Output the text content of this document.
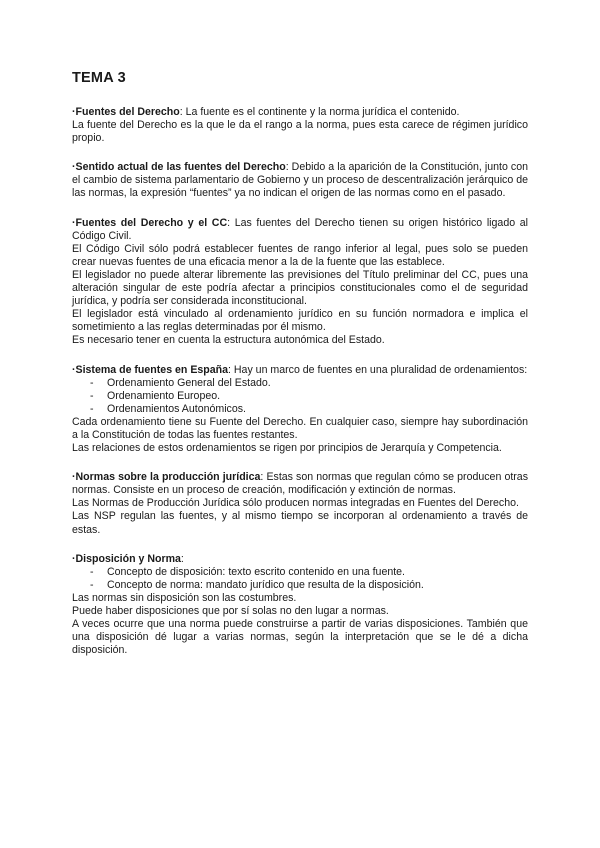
TEMA 3

·Fuentes del Derecho: La fuente es el continente y la norma jurídica el contenido.

La fuente del Derecho es la que le da el rango a la norma, pues esta carece de régimen jurídico propio.

·Sentido actual de las fuentes del Derecho: Debido a la aparición de la Constitución, junto con el cambio de sistema parlamentario de Gobierno y un proceso de descentralización jerárquico de las normas, la expresión “fuentes” ya no indican el origen de las normas como en el pasado.

·Fuentes del Derecho y el CC: Las fuentes del Derecho tienen su origen histórico ligado al Código Civil.

El Código Civil sólo podrá establecer fuentes de rango inferior al legal, pues solo se pueden crear nuevas fuentes de una eficacia menor a la de la fuente que las establece.

El legislador no puede alterar libremente las previsiones del Título preliminar del CC, pues una alteración singular de este podría afectar a principios constitucionales como el de seguridad jurídica, y podría ser considerada inconstitucional.

El legislador está vinculado al ordenamiento jurídico en su función normadora e implica el sometimiento a las reglas determinadas por él mismo.

Es necesario tener en cuenta la estructura autonómica del Estado.

·Sistema de fuentes en España: Hay un marco de fuentes en una pluralidad de ordenamientos:

- Ordenamiento General del Estado.
- Ordenamiento Europeo.
- Ordenamientos Autonómicos.

Cada ordenamiento tiene su Fuente del Derecho. En cualquier caso, siempre hay subordinación a la Constitución de todas las fuentes restantes.

Las relaciones de estos ordenamientos se rigen por principios de Jerarquía y Competencia.

·Normas sobre la producción jurídica: Estas son normas que regulan cómo se producen otras normas. Consiste en un proceso de creación, modificación y extinción de normas.

Las Normas de Producción Jurídica sólo producen normas integradas en Fuentes del Derecho.

Las NSP regulan las fuentes, y al mismo tiempo se incorporan al ordenamiento a través de estas.

·Disposición y Norma:

- Concepto de disposición: texto escrito contenido en una fuente.
- Concepto de norma: mandato jurídico que resulta de la disposición.

Las normas sin disposición son las costumbres.

Puede haber disposiciones que por sí solas no den lugar a normas.

A veces ocurre que una norma puede construirse a partir de varias disposiciones. También que una disposición dé lugar a varias normas, según la interpretación que se le dé a dicha disposición.
